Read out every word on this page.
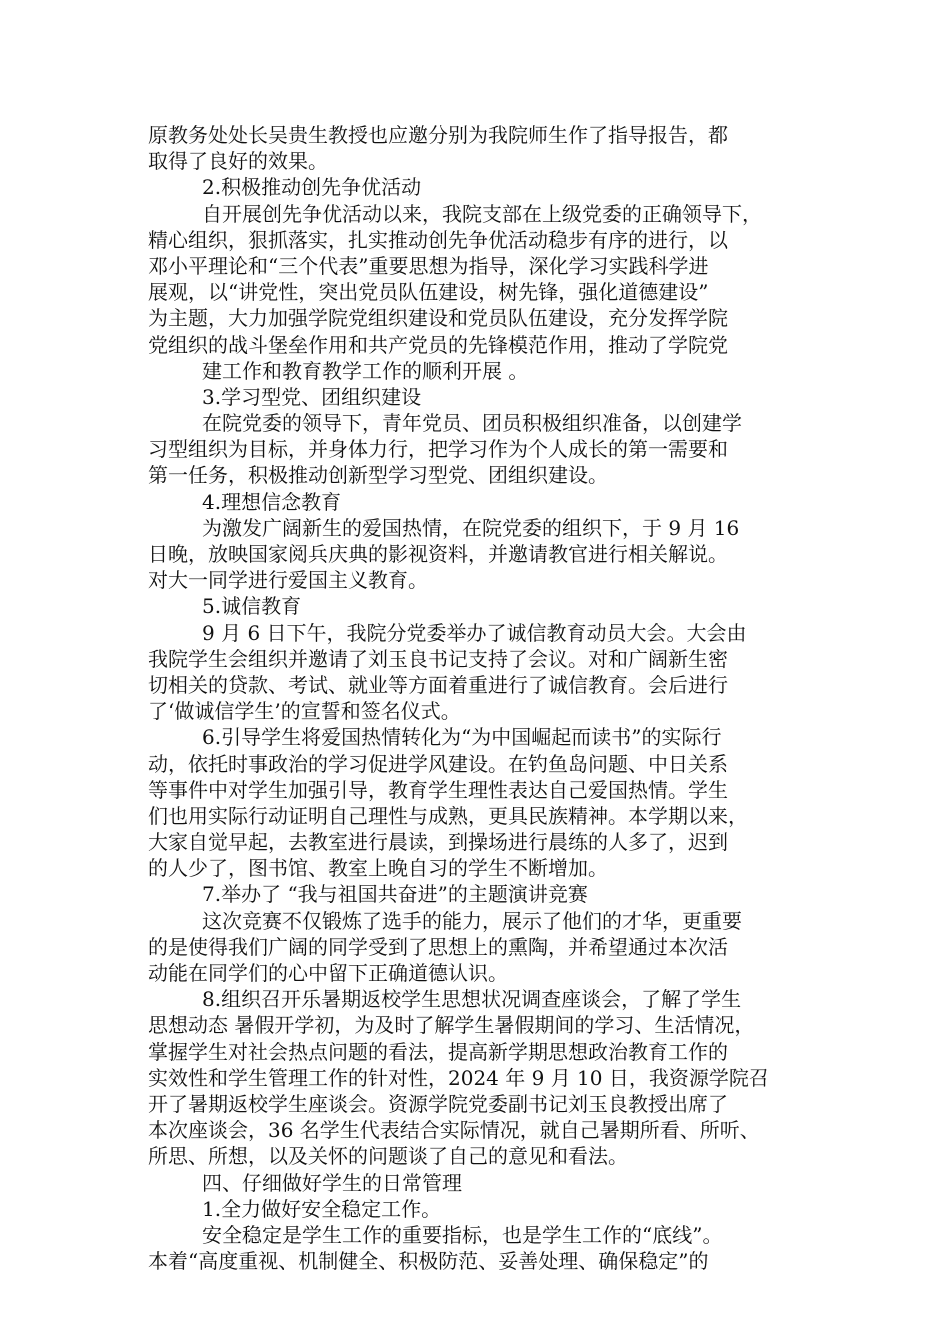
原教务处处长吴贵生教授也应邀分别为我院师生作了指导报告，都
取得了良好的效果。
2.积极推动创先争优活动
自开展创先争优活动以来，我院支部在上级党委的正确领导下，
精心组织，狠抓落实，扎实推动创先争优活动稳步有序的进行，以
邓小平理论和“三个代表”重要思想为指导，深化学习实践科学进
展观，以“讲党性，突出党员队伍建设，树先锋，强化道德建设”
为主题，大力加强学院党组织建设和党员队伍建设，充分发挥学院
党组织的战斗堡垒作用和共产党员的先锋模范作用，推动了学院党
建工作和教育教学工作的顺利开展 。
3.学习型党、团组织建设
在院党委的领导下，青年党员、团员积极组织准备，以创建学
习型组织为目标，并身体力行，把学习作为个人成长的第一需要和
第一任务，积极推动创新型学习型党、团组织建设。
4.理想信念教育
为激发广阔新生的爱国热情，在院党委的组织下，于 9 月 16
日晚，放映国家阅兵庆典的影视资料，并邀请教官进行相关解说。
对大一同学进行爱国主义教育。
5.诚信教育
9 月 6 日下午，我院分党委举办了诚信教育动员大会。大会由
我院学生会组织并邀请了刘玉良书记支持了会议。对和广阔新生密
切相关的贷款、考试、就业等方面着重进行了诚信教育。会后进行
了‘做诚信学生’的宣誓和签名仪式。
6.引导学生将爱国热情转化为“为中国崛起而读书”的实际行
动，依托时事政治的学习促进学风建设。在钓鱼岛问题、中日关系
等事件中对学生加强引导，教育学生理性表达自己爱国热情。学生
们也用实际行动证明自己理性与成熟，更具民族精神。本学期以来，
大家自觉早起，去教室进行晨读，到操场进行晨练的人多了，迟到
的人少了，图书馆、教室上晚自习的学生不断增加。
7.举办了 “我与祖国共奋进”的主题演讲竞赛
这次竞赛不仅锻炼了选手的能力，展示了他们的才华，更重要
的是使得我们广阔的同学受到了思想上的熏陶，并希望通过本次活
动能在同学们的心中留下正确道德认识。
8.组织召开乐暑期返校学生思想状况调查座谈会，了解了学生
思想动态 暑假开学初，为及时了解学生暑假期间的学习、生活情况，
掌握学生对社会热点问题的看法，提高新学期思想政治教育工作的
实效性和学生管理工作的针对性，2024 年 9 月 10 日，我资源学院召
开了暑期返校学生座谈会。资源学院党委副书记刘玉良教授出席了
本次座谈会，36 名学生代表结合实际情况，就自己暑期所看、所听、
所思、所想，以及关怀的问题谈了自己的意见和看法。
四、仔细做好学生的日常管理
1.全力做好安全稳定工作。
安全稳定是学生工作的重要指标，也是学生工作的“底线”。
本着“高度重视、机制健全、积极防范、妥善处理、确保稳定”的
